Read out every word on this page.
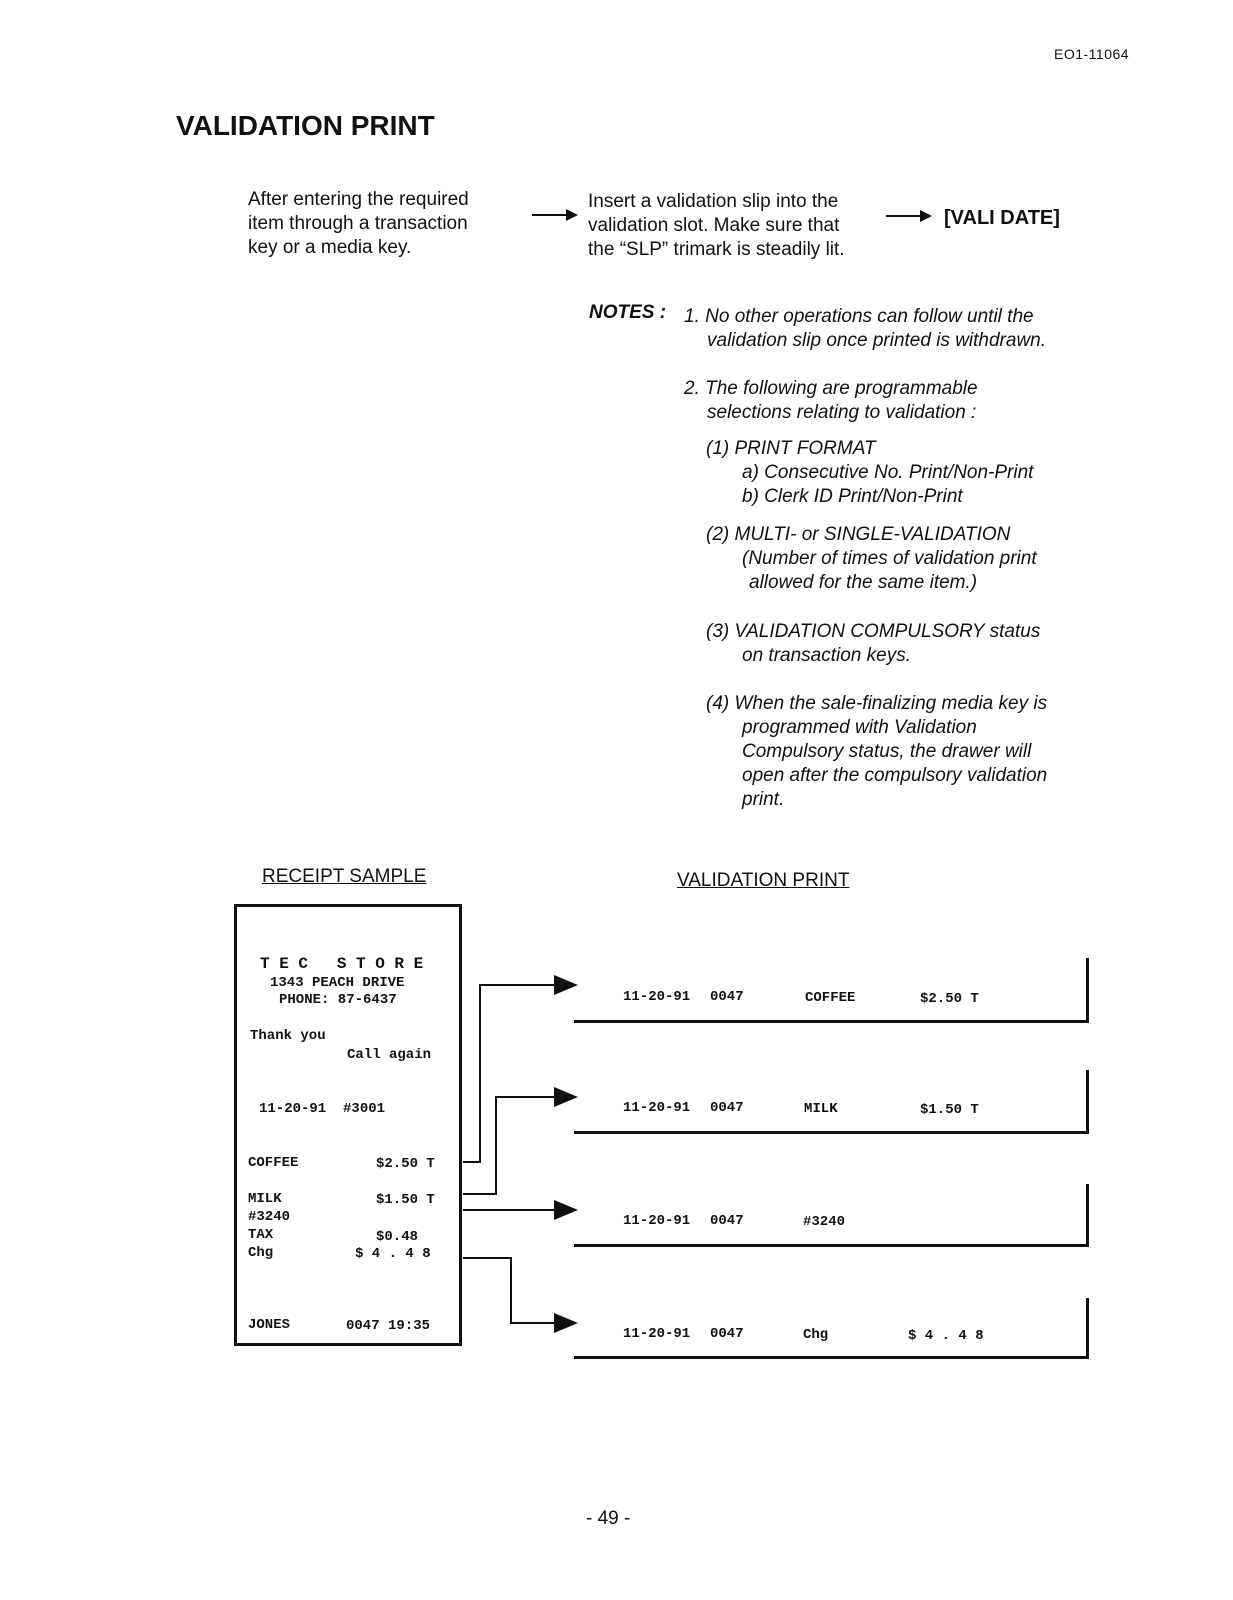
EO1-11064
VALIDATION PRINT
After entering the required
item through a transaction
key or a media key.
Insert a validation slip into the
validation slot. Make sure that
the “SLP” trimark is steadily lit.
[VALI DATE]
NOTES : 1. No other operations can follow until the
validation slip once printed is withdrawn.
2. The following are programmable
selections relating to validation :
(1) PRINT FORMAT
a) Consecutive No. Print/Non-Print
b) Clerk ID Print/Non-Print
(2) MULTI- or SINGLE-VALIDATION
(Number of times of validation print
allowed for the same item.)
(3) VALIDATION COMPULSORY status
on transaction keys.
(4) When the sale-finalizing media key is
programmed with Validation
Compulsory status, the drawer will
open after the compulsory validation
print.
RECEIPT SAMPLE	VALIDATION PRINT
T E C   S T O R E
1343 PEACH DRIVE
PHONE: 87-6437
Thank you
Call again
11-20-91  #3001
COFFEE	$2.50 T
MILK	$1.50 T
#3240
TAX	$0.48
Chg	$ 4 . 4 8
JONES	0047 19:35
11-20-91 0047	COFFEE	$2.50 T
11-20-91 0047	MILK	$1.50 T
11-20-91 0047	#3240
11-20-91 0047	Chg	$ 4 . 4 8
- 49 -
